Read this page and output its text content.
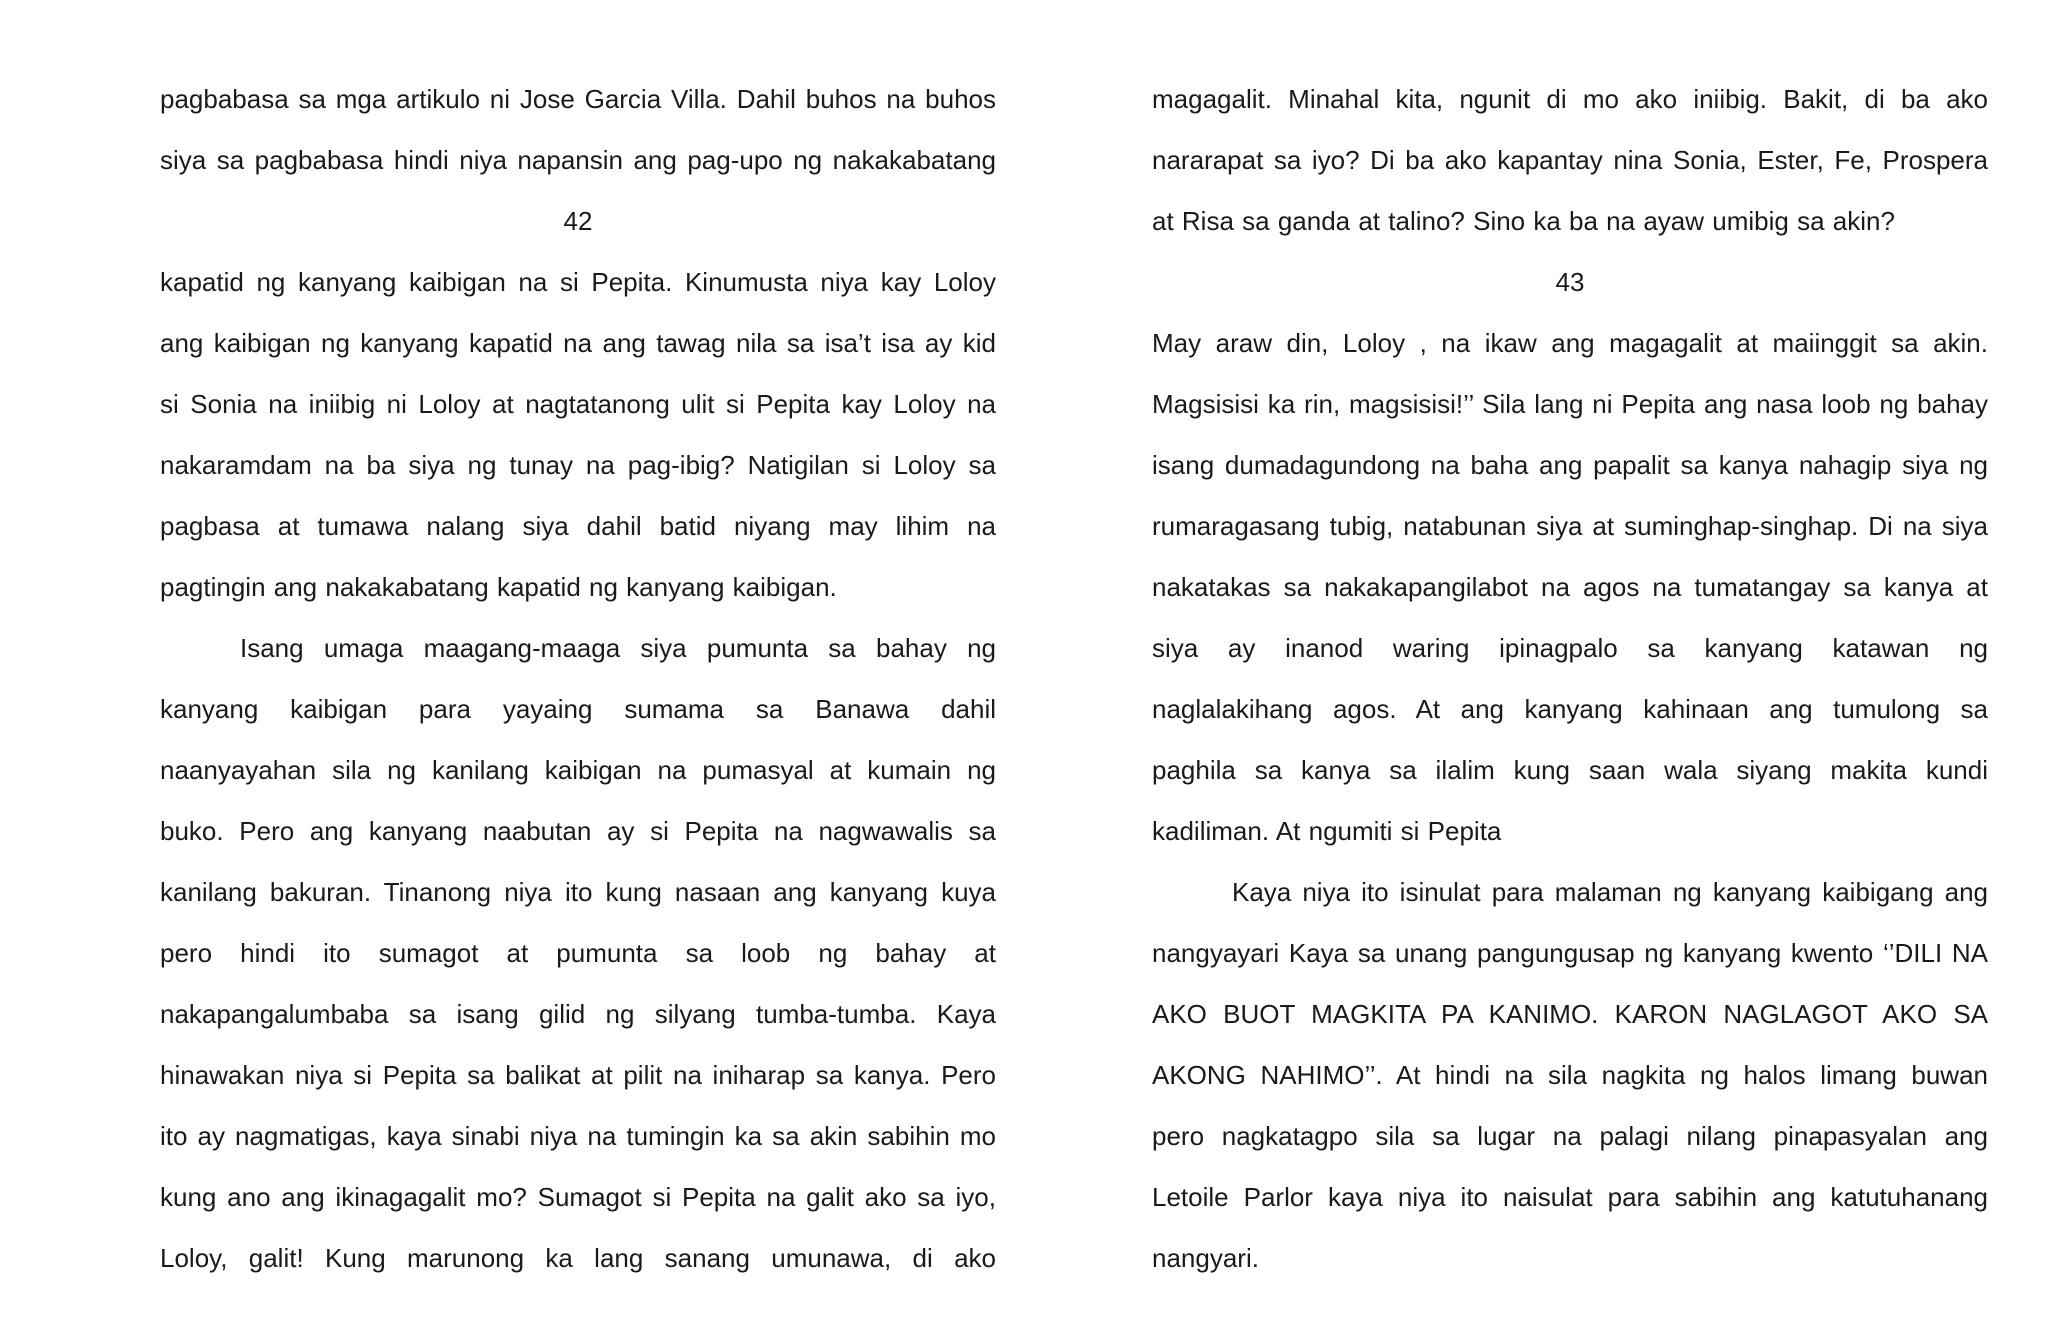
pagbabasa sa mga artikulo ni Jose Garcia Villa. Dahil buhos na buhos
siya sa pagbabasa hindi niya napansin ang pag-upo ng nakakabatang
42
kapatid ng kanyang kaibigan na si Pepita. Kinumusta niya kay Loloy
ang kaibigan ng kanyang kapatid na ang tawag nila sa isa’t isa ay kid
si Sonia na iniibig ni Loloy at nagtatanong ulit si Pepita kay Loloy na
nakaramdam na ba siya ng tunay na pag-ibig? Natigilan si Loloy sa
pagbasa at tumawa nalang siya dahil batid niyang may lihim na
pagtingin ang nakakabatang kapatid ng kanyang kaibigan.
Isang umaga maagang-maaga siya pumunta sa bahay ng
kanyang kaibigan para yayaing sumama sa Banawa dahil
naanyayahan sila ng kanilang kaibigan na pumasyal at kumain ng
buko. Pero ang kanyang naabutan ay si Pepita na nagwawalis sa
kanilang bakuran. Tinanong niya ito kung nasaan ang kanyang kuya
pero hindi ito sumagot at pumunta sa loob ng bahay at
nakapangalumbaba sa isang gilid ng silyang tumba-tumba. Kaya
hinawakan niya si Pepita sa balikat at pilit na iniharap sa kanya. Pero
ito ay nagmatigas, kaya sinabi niya na tumingin ka sa akin sabihin mo
kung ano ang ikinagagalit mo? Sumagot si Pepita na galit ako sa iyo,
Loloy, galit! Kung marunong ka lang sanang umunawa, di ako
magagalit. Minahal kita, ngunit di mo ako iniibig. Bakit, di ba ako
nararapat sa iyo? Di ba ako kapantay nina Sonia, Ester, Fe, Prospera
at Risa sa ganda at talino? Sino ka ba na ayaw umibig sa akin?
43
May araw din, Loloy , na ikaw ang magagalit at maiinggit sa akin.
Magsisisi ka rin, magsisisi!’’ Sila lang ni Pepita ang nasa loob ng bahay
isang dumadagundong na baha ang papalit sa kanya nahagip siya ng
rumaragasang tubig, natabunan siya at suminghap-singhap. Di na siya
nakatakas sa nakakapangilabot na agos na tumatangay sa kanya at
siya ay inanod waring ipinagpalo sa kanyang katawan ng
naglalakihang agos. At ang kanyang kahinaan ang tumulong sa
paghila sa kanya sa ilalim kung saan wala siyang makita kundi
kadiliman. At ngumiti si Pepita
Kaya niya ito isinulat para malaman ng kanyang kaibigang ang
nangyayari Kaya sa unang pangungusap ng kanyang kwento ‘’DILI NA
AKO BUOT MAGKITA PA KANIMO. KARON NAGLAGOT AKO SA
AKONG NAHIMO’’. At hindi na sila nagkita ng halos limang buwan
pero nagkatagpo sila sa lugar na palagi nilang pinapasyalan ang
Letoile Parlor kaya niya ito naisulat para sabihin ang katutuhanang
nangyari.
